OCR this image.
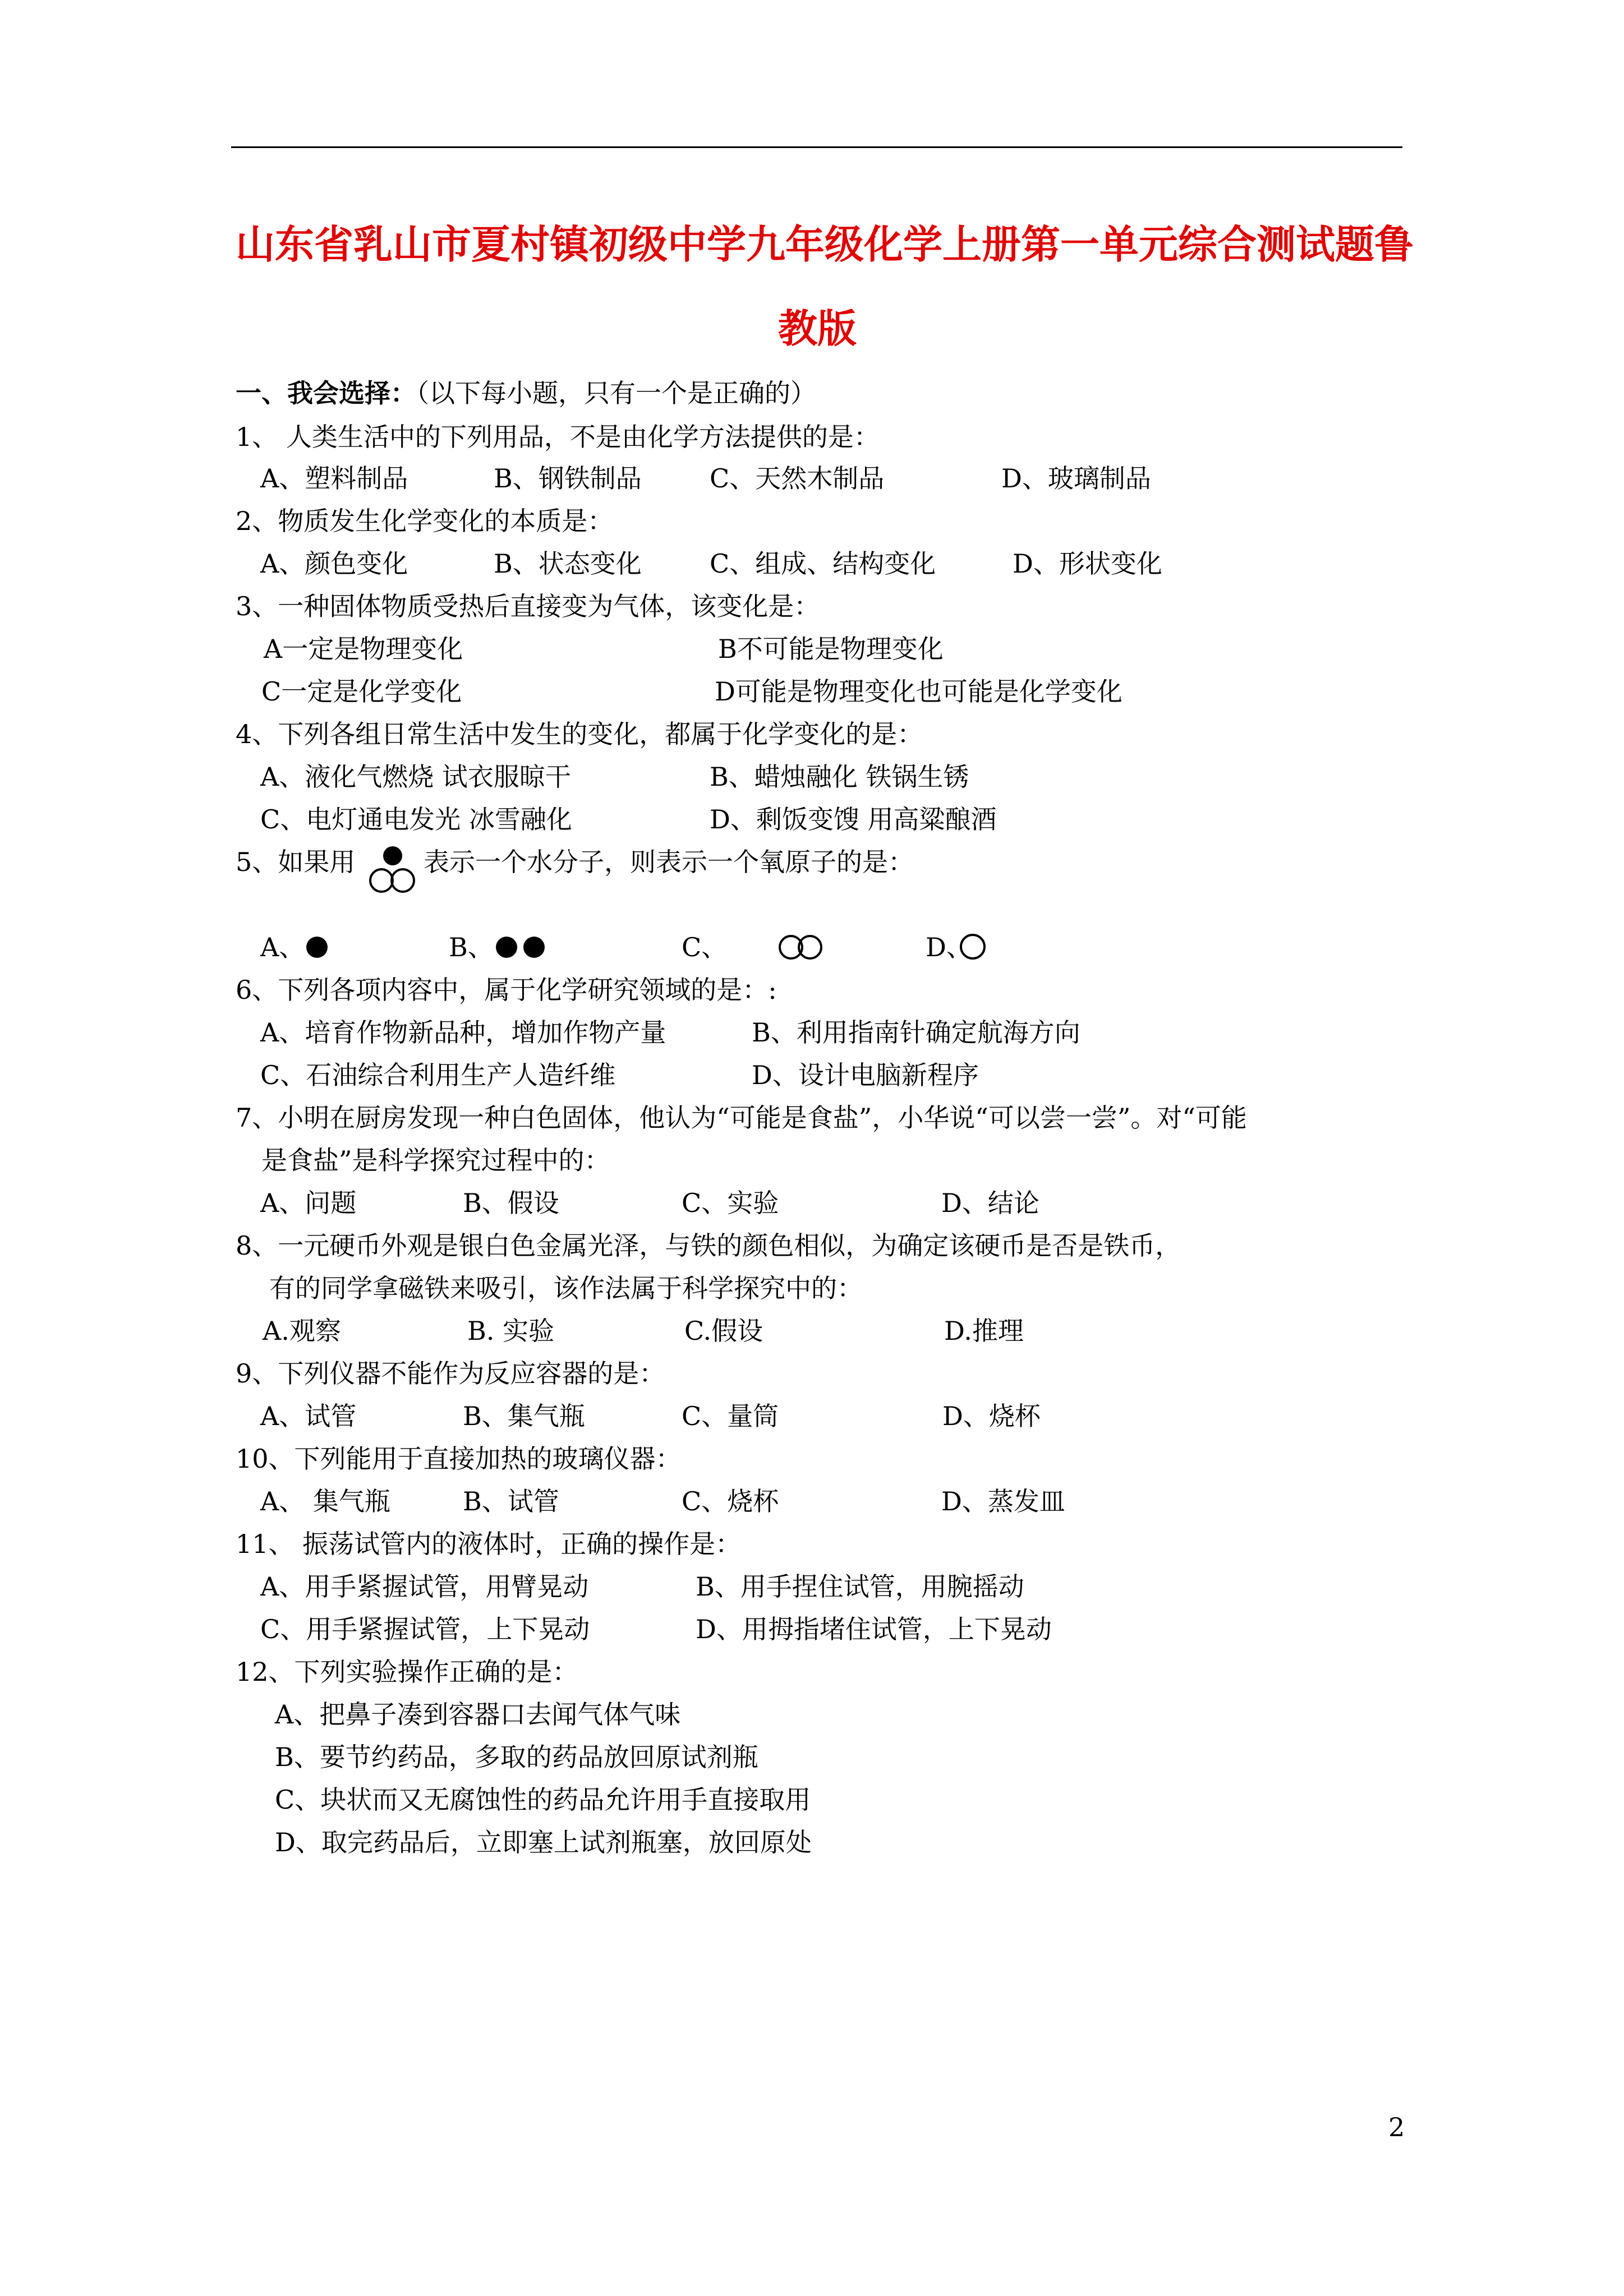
山东省乳山市夏村镇初级中学九年级化学上册第一单元综合测试题鲁
教版
一、我会选择：（以下每小题，只有一个是正确的）
1、 人类生活中的下列用品，不是由化学方法提供的是：
A、塑料制品	B、钢铁制品	C、天然木制品	D、玻璃制品
2、物质发生化学变化的本质是：
A、颜色变化	B、状态变化	C、组成、结构变化	D、形状变化
3、一种固体物质受热后直接变为气体，该变化是：
A一定是物理变化	B不可能是物理变化
C一定是化学变化	D可能是物理变化也可能是化学变化
4、下列各组日常生活中发生的变化，都属于化学变化的是：
A、液化气燃烧 试衣服晾干	B、蜡烛融化 铁锅生锈
C、电灯通电发光 冰雪融化	D、剩饭变馊 用高粱酿酒
5、如果用	表示一个水分子，则表示一个氧原子的是：
A、	B、	C、	D、
6、下列各项内容中，属于化学研究领域的是：:
A、培育作物新品种，增加作物产量	B、利用指南针确定航海方向
C、石油综合利用生产人造纤维	D、设计电脑新程序
7、小明在厨房发现一种白色固体，他认为“可能是食盐”，小华说“可以尝一尝”。对“可能
是食盐”是科学探究过程中的：
A、问题	B、假设	C、实验	D、结论
8、一元硬币外观是银白色金属光泽，与铁的颜色相似，为确定该硬币是否是铁币，
有的同学拿磁铁来吸引，该作法属于科学探究中的：
A.观察	B. 实验	C.假设	D.推理
9、下列仪器不能作为反应容器的是：
A、试管	B、集气瓶	C、量筒	D、烧杯
10、下列能用于直接加热的玻璃仪器：
A、 集气瓶	B、试管	C、烧杯	D、蒸发皿
11、 振荡试管内的液体时，正确的操作是：
A、用手紧握试管，用臂晃动	B、用手捏住试管，用腕摇动
C、用手紧握试管，上下晃动	D、用拇指堵住试管，上下晃动
12、下列实验操作正确的是：
A、把鼻子凑到容器口去闻气体气味
B、要节约药品，多取的药品放回原试剂瓶
C、块状而又无腐蚀性的药品允许用手直接取用
D、取完药品后，立即塞上试剂瓶塞，放回原处
2
